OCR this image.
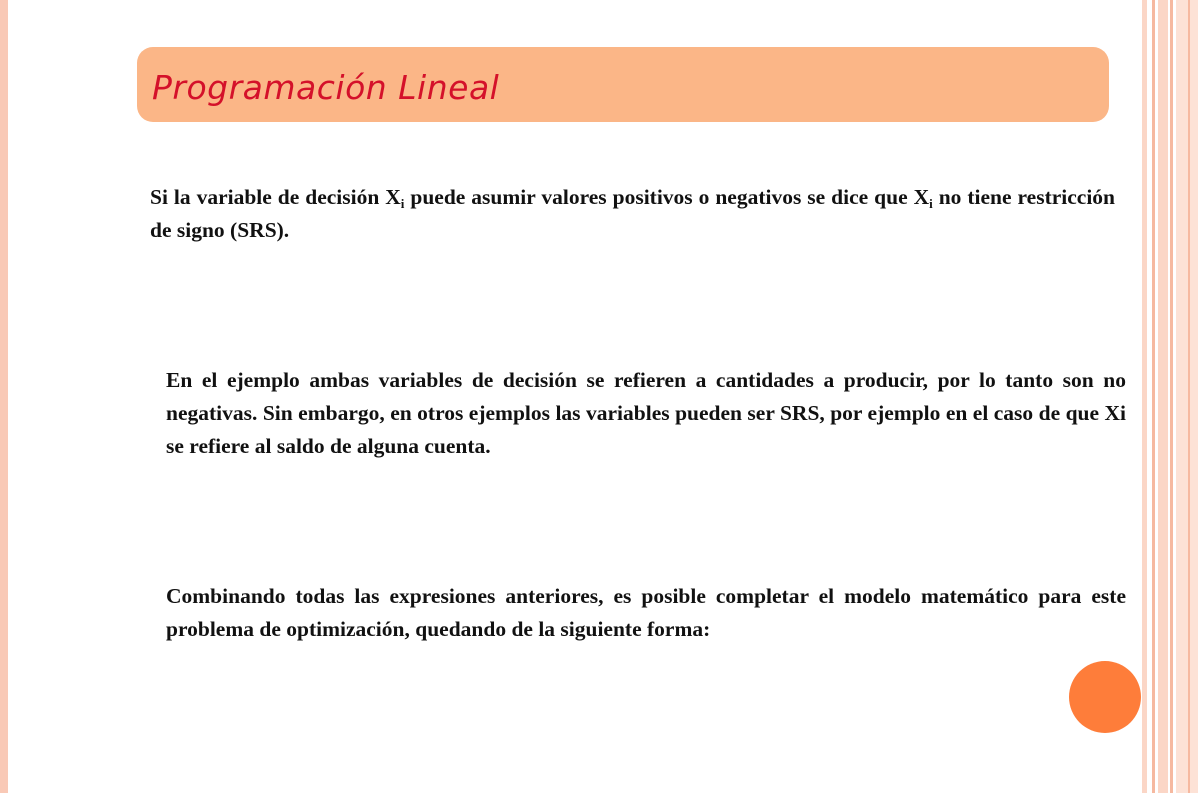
Programación Lineal
Si la variable de decisión $X_i$ puede asumir valores positivos o negativos se dice que $X_i$ no tiene restricción de signo (SRS).
En el ejemplo ambas variables de decisión se refieren a cantidades a producir, por lo tanto son no negativas. Sin embargo, en otros ejemplos las variables pueden ser SRS, por ejemplo en el caso de que Xi se refiere al saldo de alguna cuenta.
Combinando todas las expresiones anteriores, es posible completar el modelo matemático para este problema de optimización, quedando de la siguiente forma:
